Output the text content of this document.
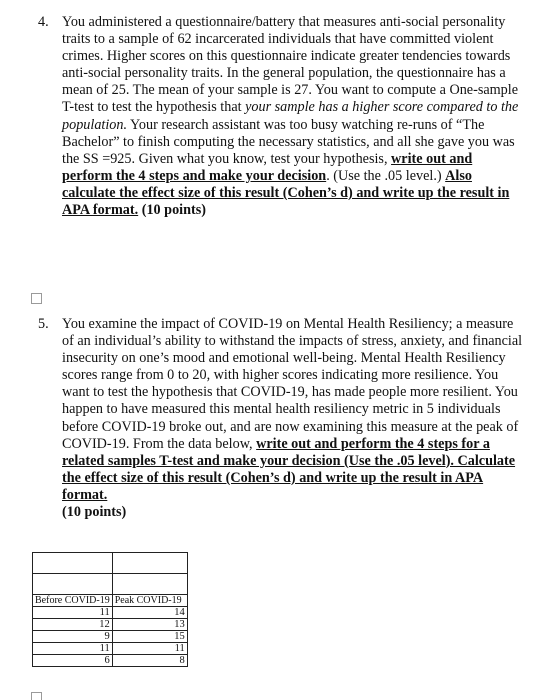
4. You administered a questionnaire/battery that measures anti-social personality traits to a sample of 62 incarcerated individuals that have committed violent crimes. Higher scores on this questionnaire indicate greater tendencies towards anti-social personality traits. In the general population, the questionnaire has a mean of 25. The mean of your sample is 27. You want to compute a One-sample T-test to test the hypothesis that your sample has a higher score compared to the population. Your research assistant was too busy watching re-runs of “The Bachelor” to finish computing the necessary statistics, and all she gave you was the SS =925. Given what you know, test your hypothesis, write out and perform the 4 steps and make your decision. (Use the .05 level.) Also calculate the effect size of this result (Cohen’s d) and write up the result in APA format. (10 points)
5. You examine the impact of COVID-19 on Mental Health Resiliency; a measure of an individual’s ability to withstand the impacts of stress, anxiety, and financial insecurity on one’s mood and emotional well-being. Mental Health Resiliency scores range from 0 to 20, with higher scores indicating more resilience. You want to test the hypothesis that COVID-19, has made people more resilient. You happen to have measured this mental health resiliency metric in 5 individuals before COVID-19 broke out, and are now examining this measure at the peak of COVID-19. From the data below, write out and perform the 4 steps for a related samples T-test and make your decision (Use the .05 level). Calculate the effect size of this result (Cohen’s d) and write up the result in APA format.
(10 points)

Before COVID-19	Peak COVID-19
11	14
12	13
9	15
11	11
6	8
